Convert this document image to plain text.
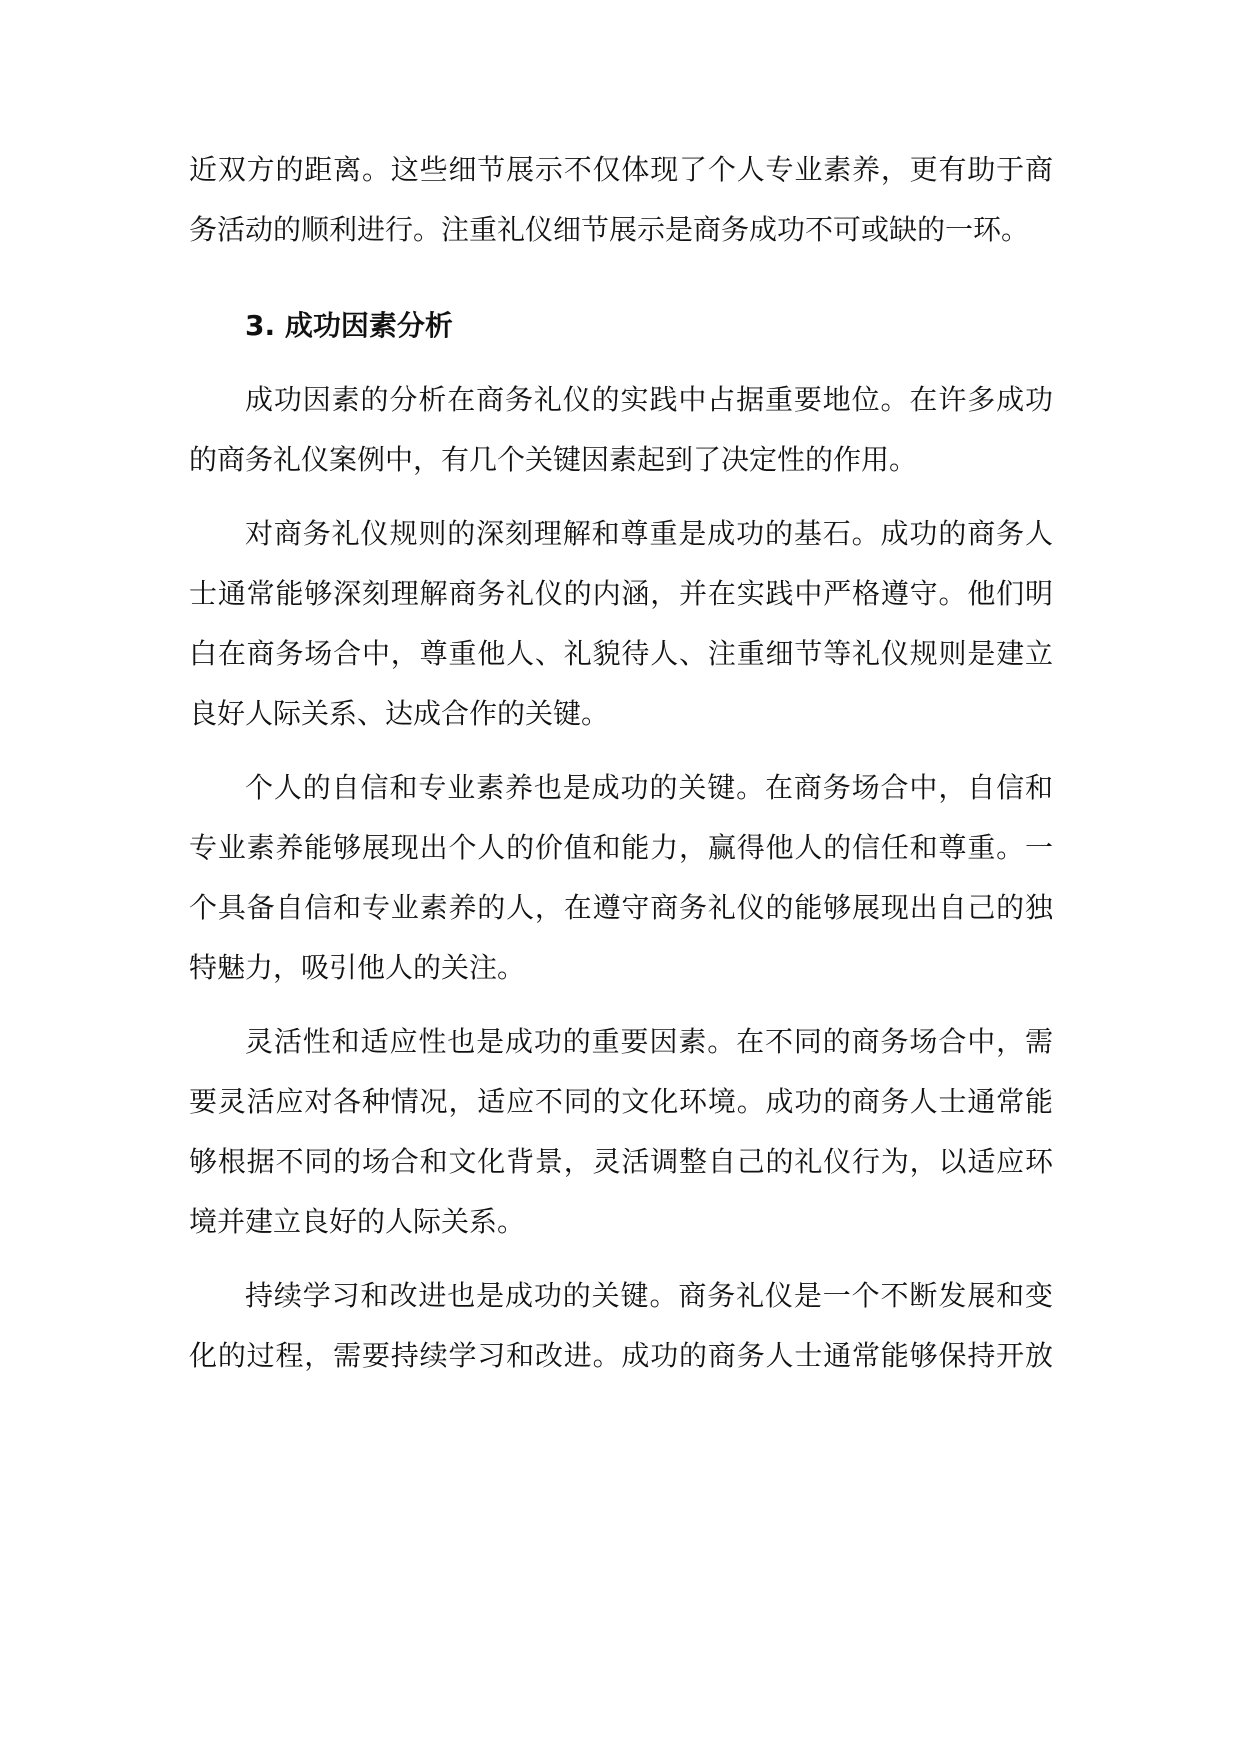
近双方的距离。这些细节展示不仅体现了个人专业素养，更有助于商
务活动的顺利进行。注重礼仪细节展示是商务成功不可或缺的一环。
3. 成功因素分析
成功因素的分析在商务礼仪的实践中占据重要地位。在许多成功
的商务礼仪案例中，有几个关键因素起到了决定性的作用。
对商务礼仪规则的深刻理解和尊重是成功的基石。成功的商务人
士通常能够深刻理解商务礼仪的内涵，并在实践中严格遵守。他们明
白在商务场合中，尊重他人、礼貌待人、注重细节等礼仪规则是建立
良好人际关系、达成合作的关键。
个人的自信和专业素养也是成功的关键。在商务场合中，自信和
专业素养能够展现出个人的价值和能力，赢得他人的信任和尊重。一
个具备自信和专业素养的人，在遵守商务礼仪的能够展现出自己的独
特魅力，吸引他人的关注。
灵活性和适应性也是成功的重要因素。在不同的商务场合中，需
要灵活应对各种情况，适应不同的文化环境。成功的商务人士通常能
够根据不同的场合和文化背景，灵活调整自己的礼仪行为，以适应环
境并建立良好的人际关系。
持续学习和改进也是成功的关键。商务礼仪是一个不断发展和变
化的过程，需要持续学习和改进。成功的商务人士通常能够保持开放
